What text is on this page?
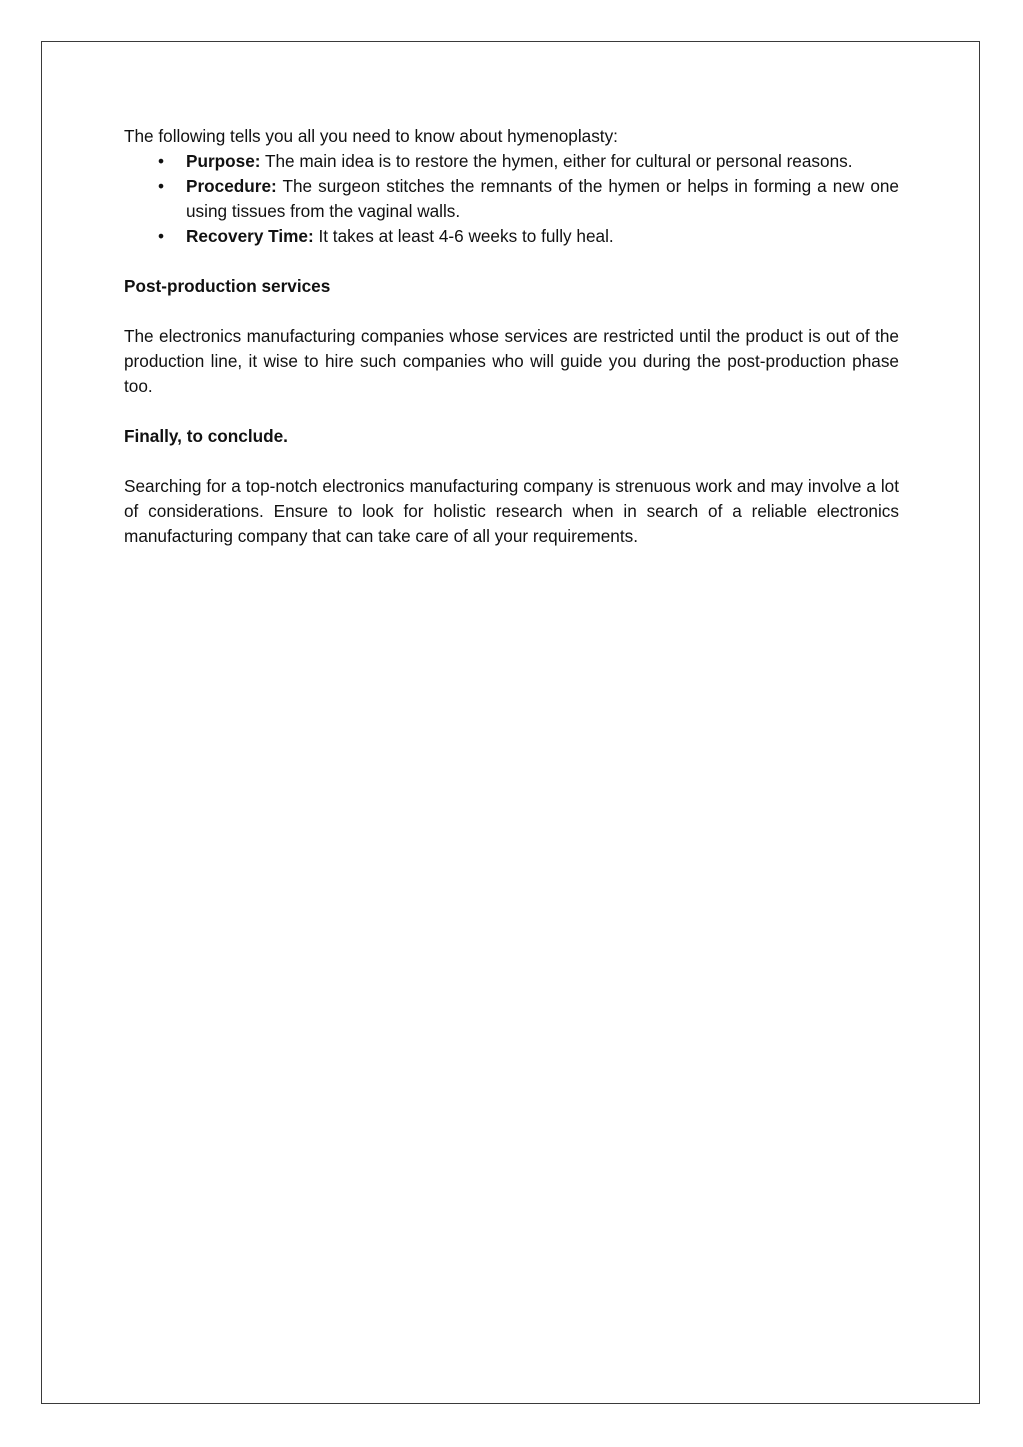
The following tells you all you need to know about hymenoplasty:

• Purpose: The main idea is to restore the hymen, either for cultural or personal reasons.
• Procedure: The surgeon stitches the remnants of the hymen or helps in forming a new one using tissues from the vaginal walls.
• Recovery Time: It takes at least 4-6 weeks to fully heal.

Post-production services

The electronics manufacturing companies whose services are restricted until the product is out of the production line, it wise to hire such companies who will guide you during the post-production phase too.

Finally, to conclude.

Searching for a top-notch electronics manufacturing company is strenuous work and may involve a lot of considerations. Ensure to look for holistic research when in search of a reliable electronics manufacturing company that can take care of all your requirements.
